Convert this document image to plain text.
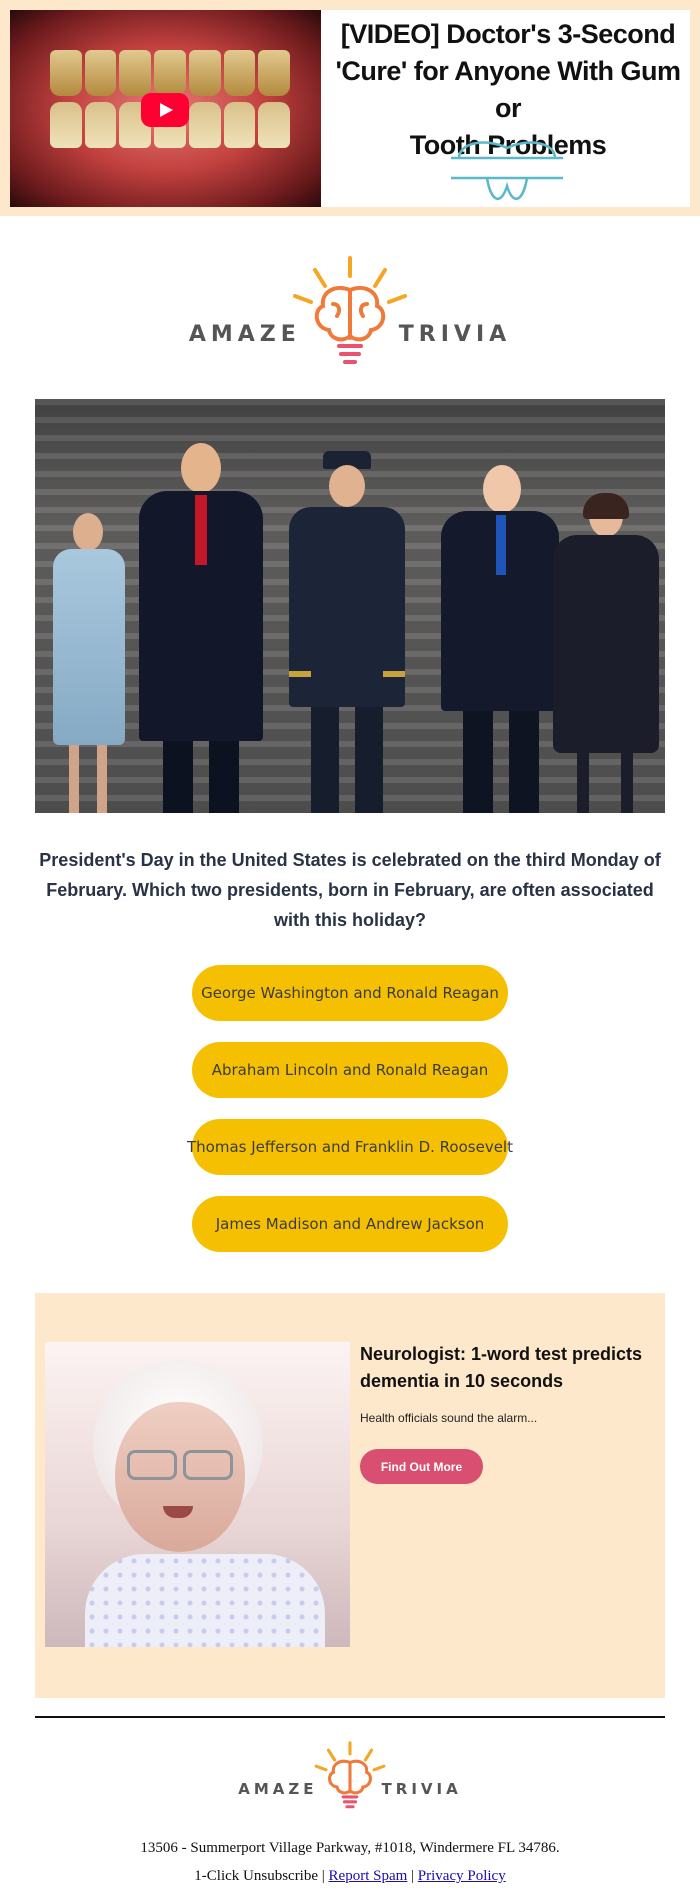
[VIDEO] Doctor's 3-Second
'Cure' for Anyone With Gum or
Tooth Problems
AMAZE	TRIVIA
President's Day in the United States is celebrated on the third Monday of February. Which two presidents, born in February, are often associated with this holiday?
George Washington and Ronald Reagan
Abraham Lincoln and Ronald Reagan
Thomas Jefferson and Franklin D. Roosevelt
James Madison and Andrew Jackson
Neurologist: 1-word test predicts dementia in 10 seconds
Health officials sound the alarm...
Find Out More
AMAZE	TRIVIA
13506 - Summerport Village Parkway, #1018, Windermere FL 34786.
1-Click Unsubscribe | Report Spam | Privacy Policy
